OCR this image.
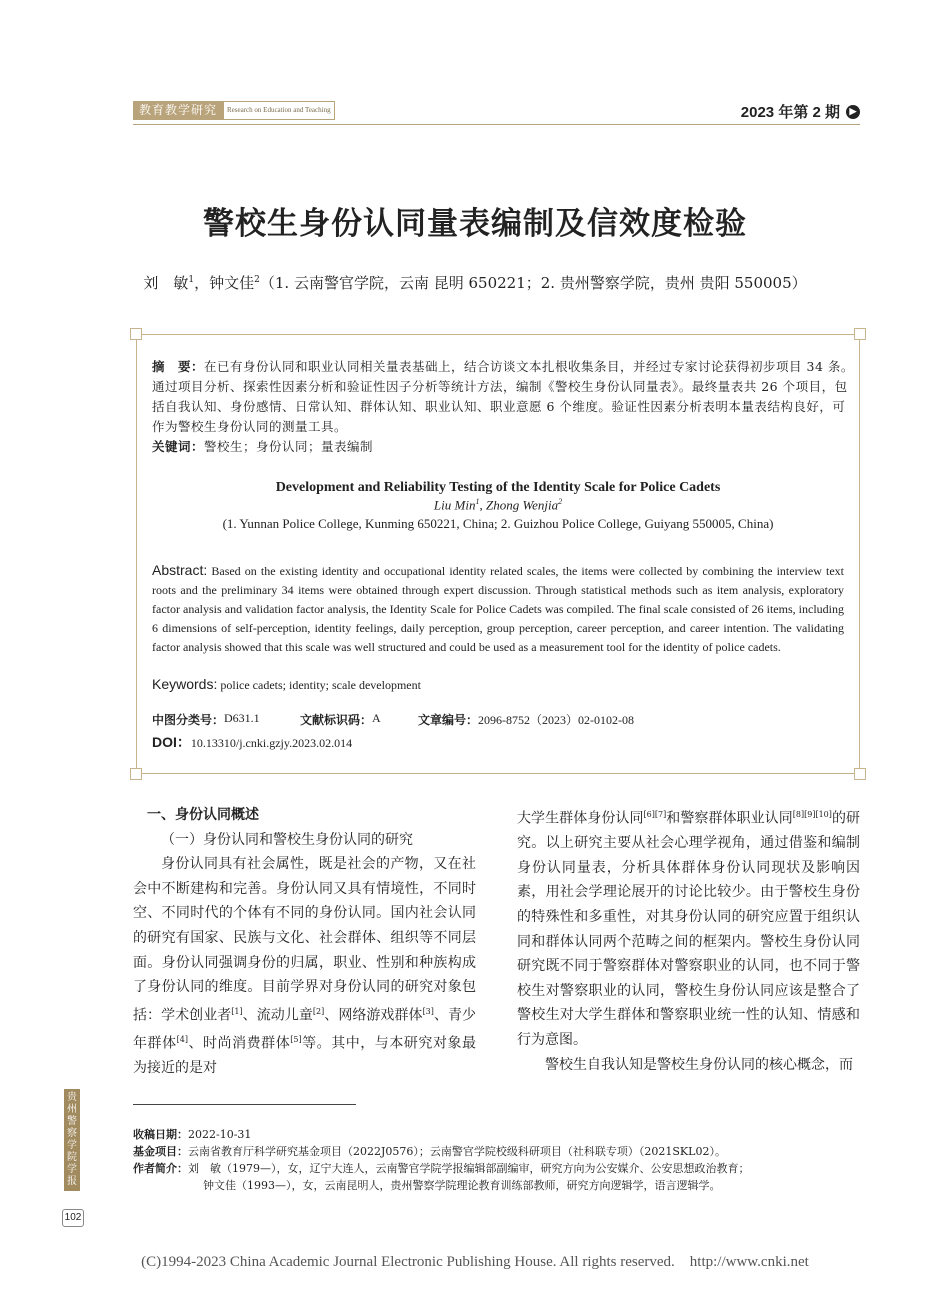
教育教学研究	Research on Education and Teaching	2023 年第 2 期	▶
警校生身份认同量表编制及信效度检验
刘　敏$^1$，钟文佳$^2$（1. 云南警官学院，云南 昆明 650221；2. 贵州警察学院，贵州 贵阳 550005）
摘　要：在已有身份认同和职业认同相关量表基础上，结合访谈文本扎根收集条目，并经过专家讨论获得初步项目 34 条。通过项目分析、探索性因素分析和验证性因子分析等统计方法，编制《警校生身份认同量表》。最终量表共 26 个项目，包括自我认知、身份感情、日常认知、群体认知、职业认知、职业意愿 6 个维度。验证性因素分析表明本量表结构良好，可作为警校生身份认同的测量工具。
关键词：警校生；身份认同；量表编制
Development and Reliability Testing of the Identity Scale for Police Cadets
Liu Min$^1$, Zhong Wenjia$^2$
(1. Yunnan Police College, Kunming 650221, China; 2. Guizhou Police College, Guiyang 550005, China)
Abstract: Based on the existing identity and occupational identity related scales, the items were collected by combining the interview text roots and the preliminary 34 items were obtained through expert discussion. Through statistical methods such as item analysis, exploratory factor analysis and validation factor analysis, the Identity Scale for Police Cadets was compiled. The final scale consisted of 26 items, including 6 dimensions of self-perception, identity feelings, daily perception, group perception, career perception, and career intention. The validating factor analysis showed that this scale was well structured and could be used as a measurement tool for the identity of police cadets.
Keywords: police cadets; identity; scale development
中图分类号： D631.1	文献标识码： A	文章编号： 2096-8752（2023）02-0102-08
DOI：10.13310/j.cnki.gzjy.2023.02.014

一、身份认同概述

（一）身份认同和警校生身份认同的研究

身份认同具有社会属性，既是社会的产物，又在社会中不断建构和完善。身份认同又具有情境性，不同时空、不同时代的个体有不同的身份认同。国内社会认同的研究有国家、民族与文化、社会群体、组织等不同层面。身份认同强调身份的归属，职业、性别和种族构成了身份认同的维度。目前学界对身份认同的研究对象包括：学术创业者[1]、流动儿童[2]、网络游戏群体[3]、青少年群体[4]、时尚消费群体[5]等。其中，与本研究对象最为接近的是对

大学生群体身份认同[6][7]和警察群体职业认同[8][9][10]的研究。以上研究主要从社会心理学视角，通过借鉴和编制身份认同量表，分析具体群体身份认同现状及影响因素，用社会学理论展开的讨论比较少。由于警校生身份的特殊性和多重性，对其身份认同的研究应置于组织认同和群体认同两个范畴之间的框架内。警校生身份认同研究既不同于警察群体对警察职业的认同，也不同于警校生对警察职业的认同，警校生身份认同应该是整合了警校生对大学生群体和警察职业统一性的认知、情感和行为意图。

警校生自我认知是警校生身份认同的核心概念，而

收稿日期：2022-10-31
基金项目：云南省教育厅科学研究基金项目（2022J0576）；云南警官学院校级科研项目（社科联专项）（2021SKL02）。
作者简介：刘　敏（1979—），女，辽宁大连人，云南警官学院学报编辑部副编审，研究方向为公安媒介、公安思想政治教育；
钟文佳（1993—），女，云南昆明人，贵州警察学院理论教育训练部教师，研究方向逻辑学，语言逻辑学。
贵州警察学院学报
102
(C)1994-2023 China Academic Journal Electronic Publishing House. All rights reserved.    http://www.cnki.net
